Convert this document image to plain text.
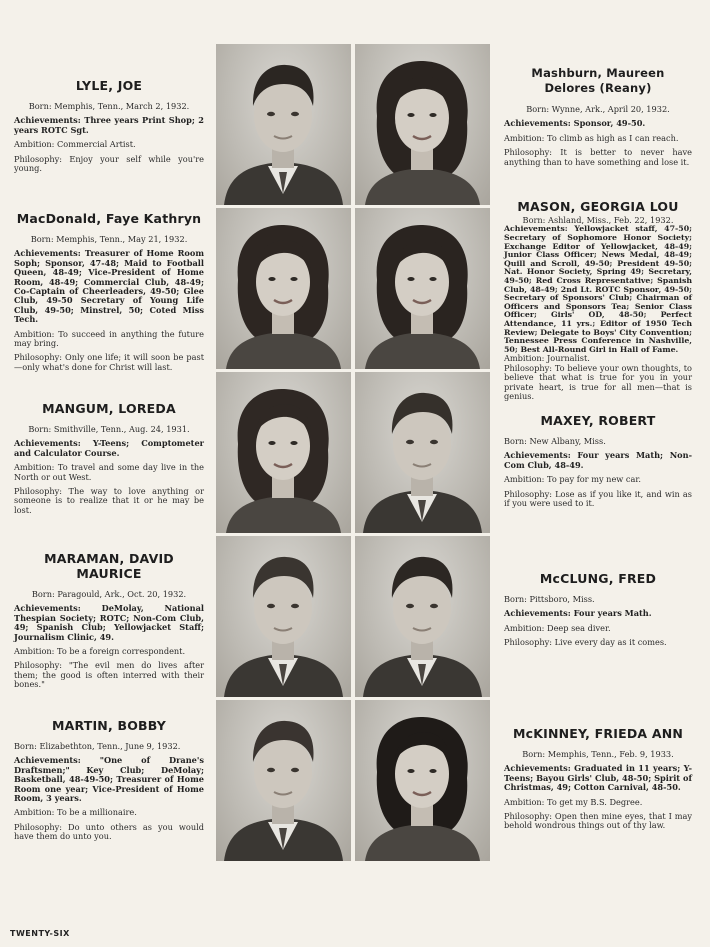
LYLE, JOE

Born: Memphis, Tenn., March 2, 1932.

Achievements: Three years Print Shop; 2 years ROTC Sgt.

Ambition: Commercial Artist.

Philosophy: Enjoy your self while you're young.

MacDonald, Faye Kathryn

Born: Memphis, Tenn., May 21, 1932.

Achievements: Treasurer of Home Room Soph; Sponsor, 47-48; Maid to Football Queen, 48-49; Vice-President of Home Room, 48-49; Commercial Club, 48-49; Co-Captain of Cheerleaders, 49-50; Glee Club, 49-50 Secretary of Young Life Club, 49-50; Minstrel, 50; Coted Miss Tech.

Ambition: To succeed in anything the future may bring.

Philosophy: Only one life; it will soon be past—only what's done for Christ will last.

MANGUM, LOREDA

Born: Smithville, Tenn., Aug. 24, 1931.

Achievements: Y-Teens; Comptometer and Calculator Course.

Ambition: To travel and some day live in the North or out West.

Philosophy: The way to love anything or someone is to realize that it or he may be lost.

MARAMAN, DAVID MAURICE

Born: Paragould, Ark., Oct. 20, 1932.

Achievements: DeMolay, National Thespian Society; ROTC; Non-Com Club, 49; Spanish Club; Yellowjacket Staff; Journalism Clinic, 49.

Ambition: To be a foreign correspondent.

Philosophy: "The evil men do lives after them; the good is often interred with their bones."

MARTIN, BOBBY

Born: Elizabethton, Tenn., June 9, 1932.

Achievements: "One of Drane's Draftsmen;" Key Club; DeMolay; Basketball, 48-49-50; Treasurer of Home Room one year; Vice-President of Home Room, 3 years.

Ambition: To be a millionaire.

Philosophy: Do unto others as you would have them do unto you.

Mashburn, Maureen Delores (Reany)

Born: Wynne, Ark., April 20, 1932.

Achievements: Sponsor, 49-50.

Ambition: To climb as high as I can reach.

Philosophy: It is better to never have anything than to have something and lose it.

MASON, GEORGIA LOU

Born: Ashland, Miss., Feb. 22, 1932.

Achievements: Yellowjacket staff, 47-50; Secretary of Sophomore Honor Society; Exchange Editor of Yellowjacket, 48-49; Junior Class Officer; News Medal, 48-49; Quill and Scroll, 49-50; President 49-50; Nat. Honor Society, Spring 49; Secretary, 49-50; Red Cross Representative; Spanish Club, 48-49; 2nd Lt. ROTC Sponsor, 49-50; Secretary of Sponsors' Club; Chairman of Officers and Sponsors Tea; Senior Class Officer; Girls' OD, 48-50; Perfect Attendance, 11 yrs.; Editor of 1950 Tech Review; Delegate to Boys' City Convention; Tennessee Press Conference in Nashville, 50; Best All-Round Girl in Hall of Fame.

Ambition: Journalist.

Philosophy: To believe your own thoughts, to believe that what is true for you in your private heart, is true for all men—that is genius.

MAXEY, ROBERT

Born: New Albany, Miss.

Achievements: Four years Math; Non-Com Club, 48-49.

Ambition: To pay for my new car.

Philosophy: Lose as if you like it, and win as if you were used to it.

McCLUNG, FRED

Born: Pittsboro, Miss.

Achievements: Four years Math.

Ambition: Deep sea diver.

Philosophy: Live every day as it comes.

McKINNEY, FRIEDA ANN

Born: Memphis, Tenn., Feb. 9, 1933.

Achievements: Graduated in 11 years; Y-Teens; Bayou Girls' Club, 48-50; Spirit of Christmas, 49; Cotton Carnival, 48-50.

Ambition: To get my B.S. Degree.

Philosophy: Open then mine eyes, that I may behold wondrous things out of thy law.

TWENTY-SIX
